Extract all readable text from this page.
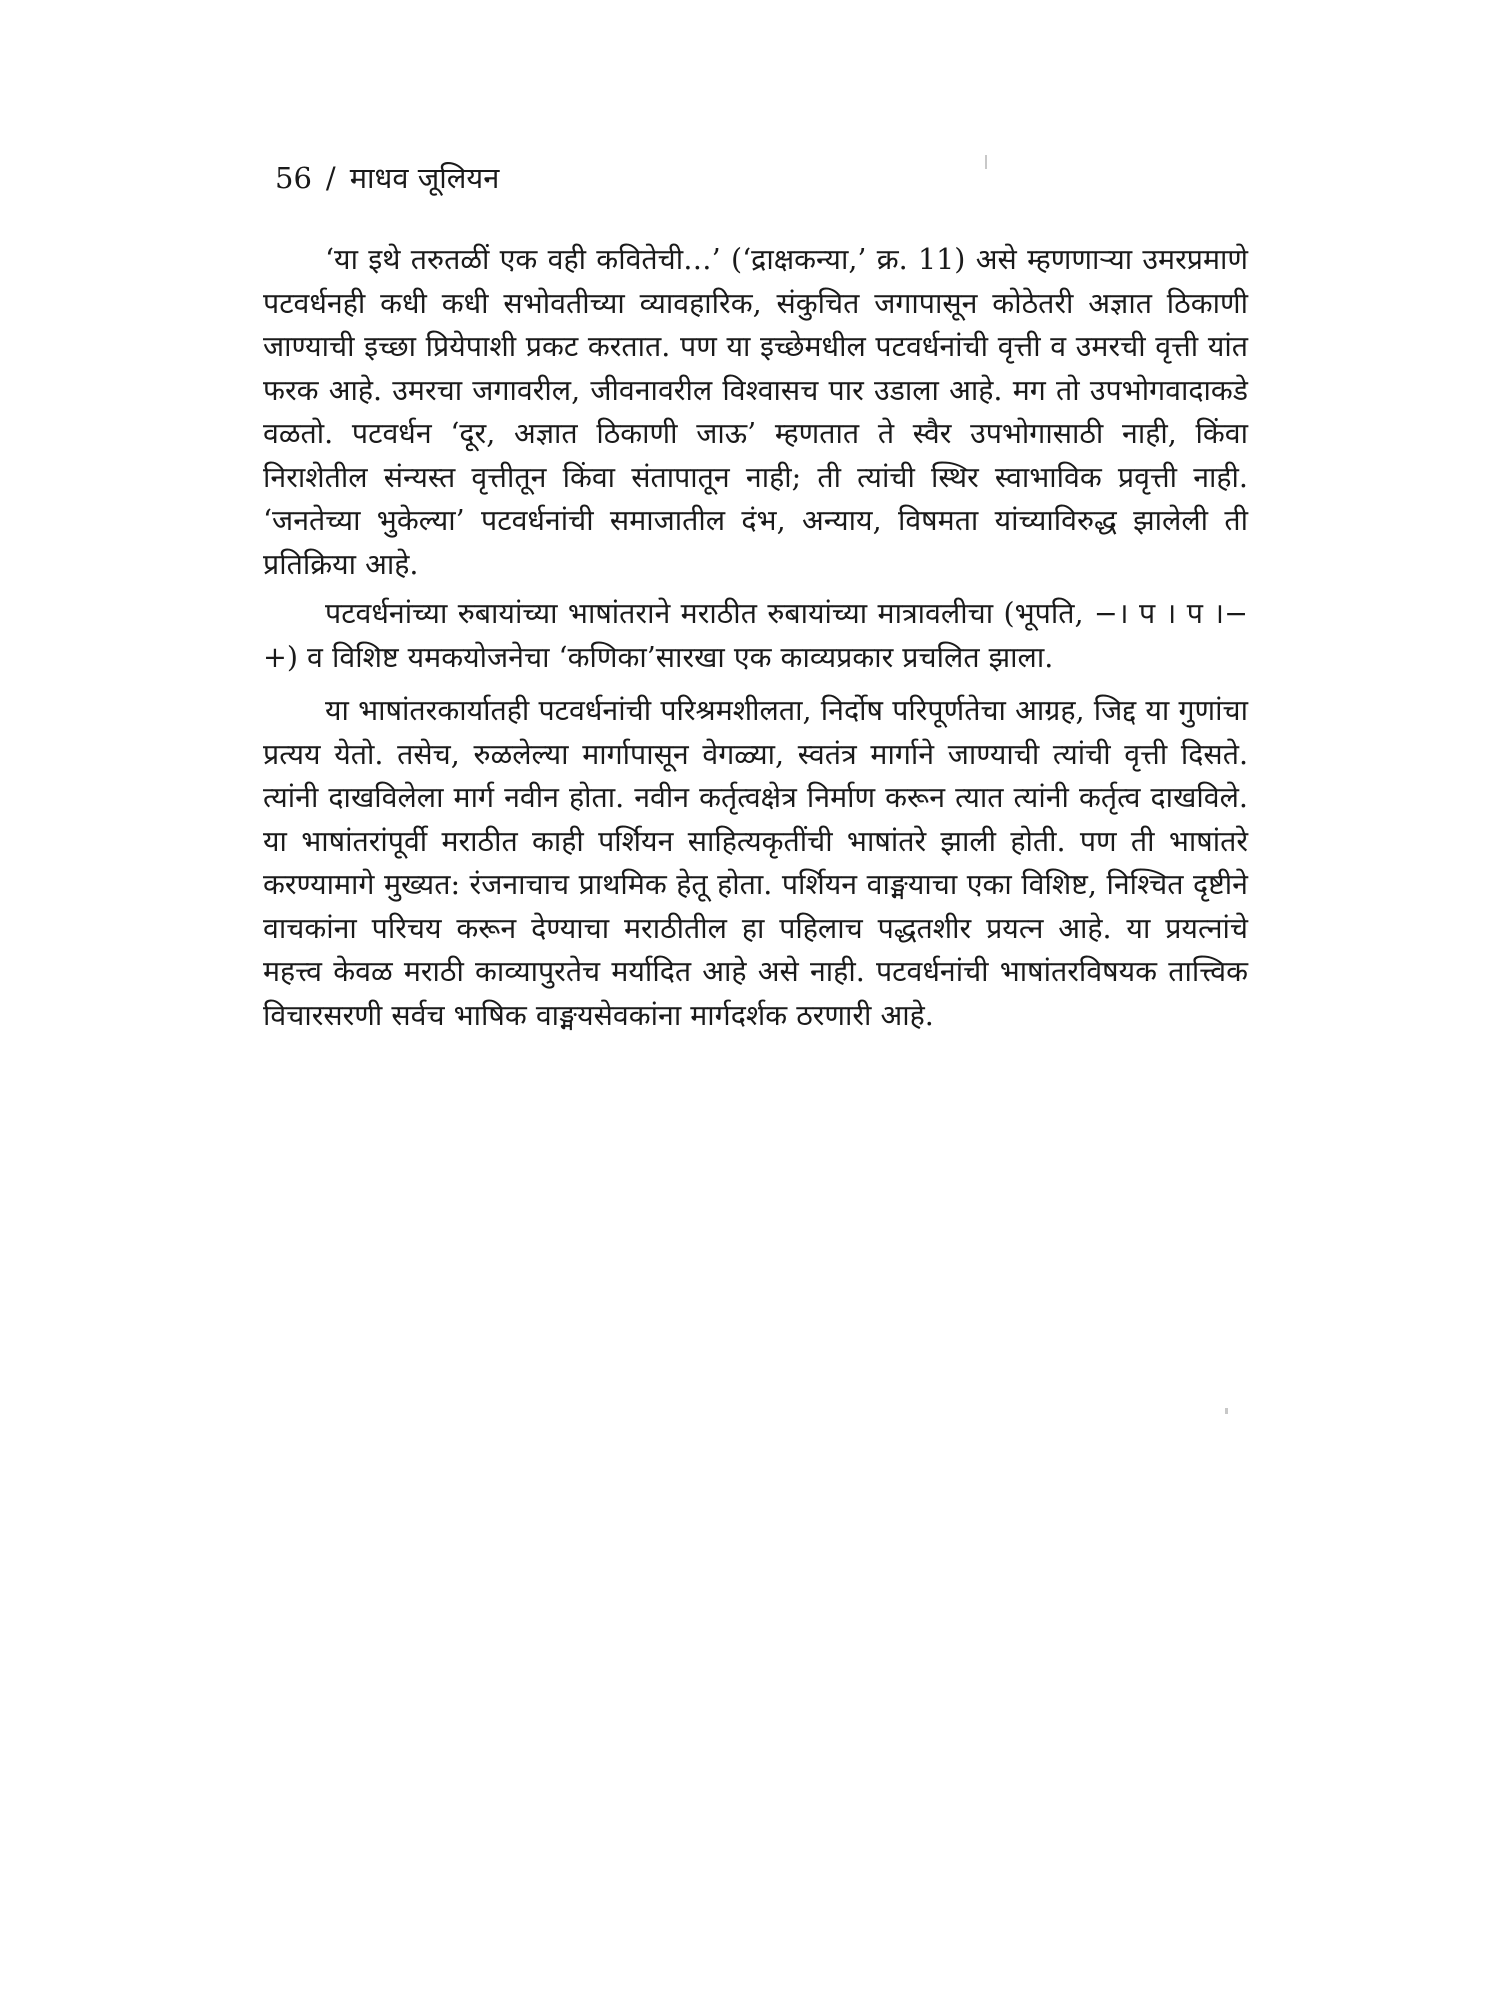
56 / माधव जूलियन

‘या इथे तरुतळीं एक वही कवितेची…’ (‘द्राक्षकन्या,’ क्र. 11) असे म्हणणाऱ्या उमरप्रमाणे पटवर्धनही कधी कधी सभोवतीच्या व्यावहारिक, संकुचित जगापासून कोठेतरी अज्ञात ठिकाणी जाण्याची इच्छा प्रियेपाशी प्रकट करतात. पण या इच्छेमधील पटवर्धनांची वृत्ती व उमरची वृत्ती यांत फरक आहे. उमरचा जगावरील, जीवनावरील विश्वासच पार उडाला आहे. मग तो उपभोगवादाकडे वळतो. पटवर्धन ‘दूर, अज्ञात ठिकाणी जाऊ’ म्हणतात ते स्वैर उपभोगासाठी नाही, किंवा निराशेतील संन्यस्त वृत्तीतून किंवा संतापातून नाही; ती त्यांची स्थिर स्वाभाविक प्रवृत्ती नाही. ‘जनतेच्या भुकेल्या’ पटवर्धनांची समाजातील दंभ, अन्याय, विषमता यांच्याविरुद्ध झालेली ती प्रतिक्रिया आहे.

पटवर्धनांच्या रुबायांच्या भाषांतराने मराठीत रुबायांच्या मात्रावलीचा (भूपति, −। प । प ।−+) व विशिष्ट यमकयोजनेचा ‘कणिका’सारखा एक काव्यप्रकार प्रचलित झाला.

या भाषांतरकार्यातही पटवर्धनांची परिश्रमशीलता, निर्दोष परिपूर्णतेचा आग्रह, जिद्द या गुणांचा प्रत्यय येतो. तसेच, रुळलेल्या मार्गापासून वेगळ्या, स्वतंत्र मार्गाने जाण्याची त्यांची वृत्ती दिसते. त्यांनी दाखविलेला मार्ग नवीन होता. नवीन कर्तृत्वक्षेत्र निर्माण करून त्यात त्यांनी कर्तृत्व दाखविले. या भाषांतरांपूर्वी मराठीत काही पर्शियन साहित्यकृतींची भाषांतरे झाली होती. पण ती भाषांतरे करण्यामागे मुख्यत: रंजनाचाच प्राथमिक हेतू होता. पर्शियन वाङ्मयाचा एका विशिष्ट, निश्चित दृष्टीने वाचकांना परिचय करून देण्याचा मराठीतील हा पहिलाच पद्धतशीर प्रयत्न आहे. या प्रयत्नांचे महत्त्व केवळ मराठी काव्यापुरतेच मर्यादित आहे असे नाही. पटवर्धनांची भाषांतरविषयक तात्त्विक विचारसरणी सर्वच भाषिक वाङ्मयसेवकांना मार्गदर्शक ठरणारी आहे.
